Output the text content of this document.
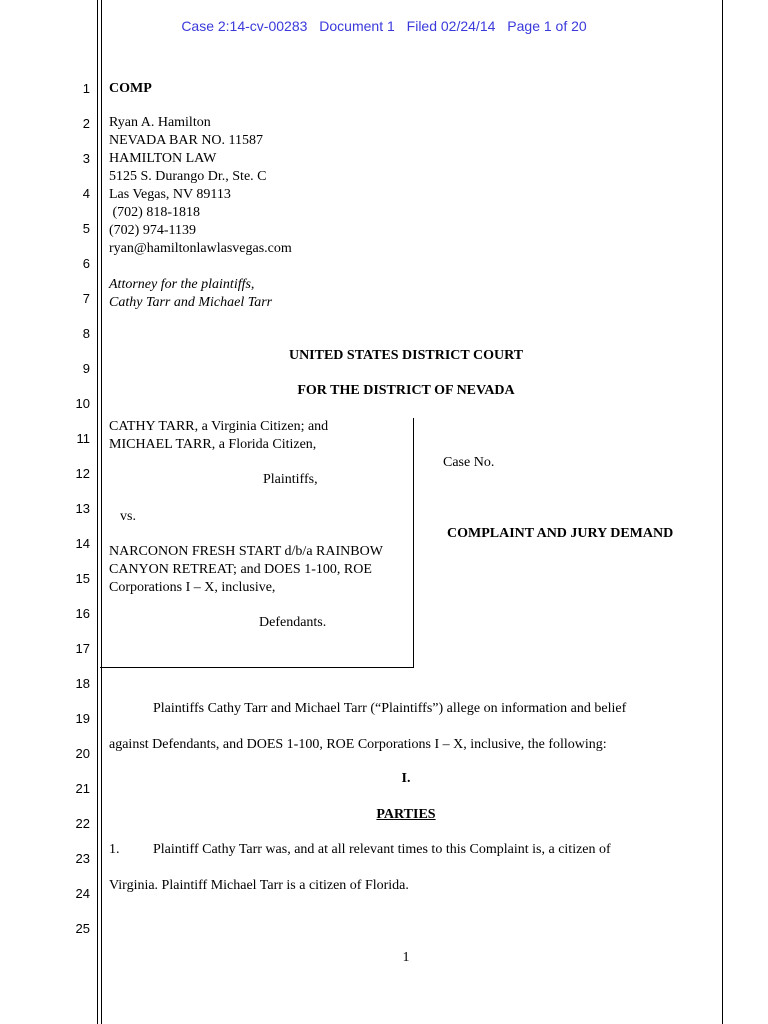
Case 2:14-cv-00283 Document 1 Filed 02/24/14 Page 1 of 20
1
2
3
4
5
6
7
8
9
10
11
12
13
14
15
16
17
18
19
20
21
22
23
24
25
COMP
Ryan A. Hamilton
NEVADA BAR NO. 11587
HAMILTON LAW
5125 S. Durango Dr., Ste. C
Las Vegas, NV 89113
(702) 818-1818
(702) 974-1139
ryan@hamiltonlawlasvegas.com
Attorney for the plaintiffs,
Cathy Tarr and Michael Tarr
UNITED STATES DISTRICT COURT
FOR THE DISTRICT OF NEVADA
CATHY TARR, a Virginia Citizen; and
MICHAEL TARR, a Florida Citizen,
Plaintiffs,
vs.
NARCONON FRESH START d/b/a RAINBOW
CANYON RETREAT; and DOES 1-100, ROE
Corporations I – X, inclusive,
Defendants.
Case No.
COMPLAINT AND JURY DEMAND
Plaintiffs Cathy Tarr and Michael Tarr (“Plaintiffs”) allege on information and belief
against Defendants, and DOES 1-100, ROE Corporations I – X, inclusive, the following:
I.
PARTIES
1. Plaintiff Cathy Tarr was, and at all relevant times to this Complaint is, a citizen of
Virginia. Plaintiff Michael Tarr is a citizen of Florida.
1
